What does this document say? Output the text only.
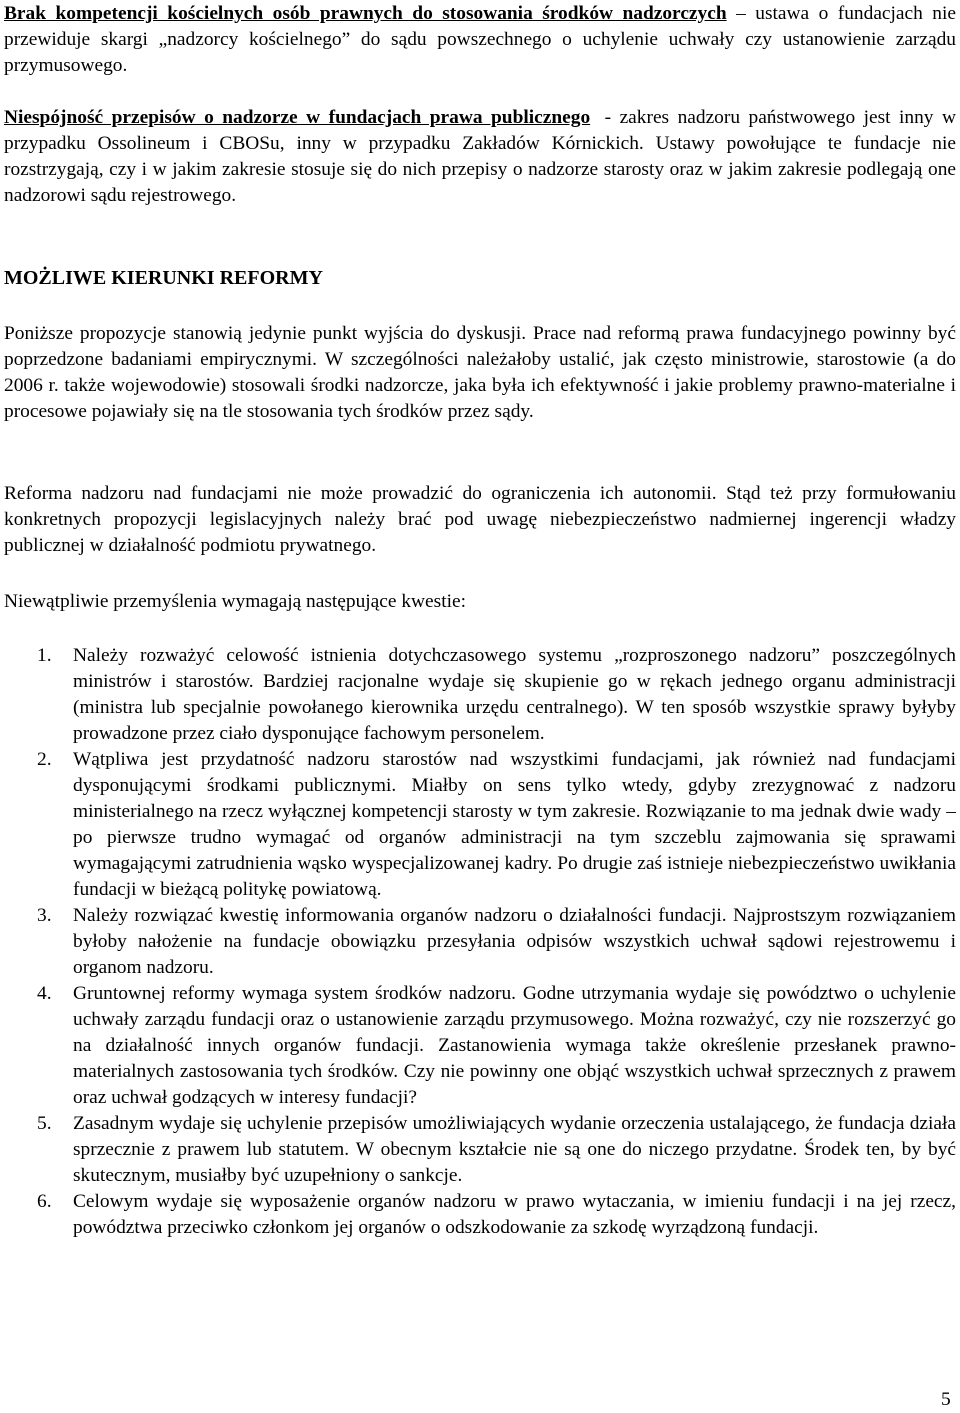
Brak kompetencji kościelnych osób prawnych do stosowania środków nadzorczych – ustawa o fundacjach nie przewiduje skargi „nadzorcy kościelnego” do sądu powszechnego o uchylenie uchwały czy ustanowienie zarządu przymusowego.

Niespójność przepisów o nadzorze w fundacjach prawa publicznego - zakres nadzoru państwowego jest inny w przypadku Ossolineum i CBOSu, inny w przypadku Zakładów Kórnickich. Ustawy powołujące te fundacje nie rozstrzygają, czy i w jakim zakresie stosuje się do nich przepisy o nadzorze starosty oraz w jakim zakresie podlegają one nadzorowi sądu rejestrowego.

MOŻLIWE KIERUNKI REFORMY

Poniższe propozycje stanowią jedynie punkt wyjścia do dyskusji. Prace nad reformą prawa fundacyjnego powinny być poprzedzone badaniami empirycznymi. W szczególności należałoby ustalić, jak często ministrowie, starostowie (a do 2006 r. także wojewodowie) stosowali środki nadzorcze, jaka była ich efektywność i jakie problemy prawno-materialne i procesowe pojawiały się na tle stosowania tych środków przez sądy.

Reforma nadzoru nad fundacjami nie może prowadzić do ograniczenia ich autonomii. Stąd też przy formułowaniu konkretnych propozycji legislacyjnych należy brać pod uwagę niebezpieczeństwo nadmiernej ingerencji władzy publicznej w działalność podmiotu prywatnego.

Niewątpliwie przemyślenia wymagają następujące kwestie:

1. Należy rozważyć celowość istnienia dotychczasowego systemu „rozproszonego nadzoru” poszczególnych ministrów i starostów. Bardziej racjonalne wydaje się skupienie go w rękach jednego organu administracji (ministra lub specjalnie powołanego kierownika urzędu centralnego). W ten sposób wszystkie sprawy byłyby prowadzone przez ciało dysponujące fachowym personelem.
2. Wątpliwa jest przydatność nadzoru starostów nad wszystkimi fundacjami, jak również nad fundacjami dysponującymi środkami publicznymi. Miałby on sens tylko wtedy, gdyby zrezygnować z nadzoru ministerialnego na rzecz wyłącznej kompetencji starosty w tym zakresie. Rozwiązanie to ma jednak dwie wady – po pierwsze trudno wymagać od organów administracji na tym szczeblu zajmowania się sprawami wymagającymi zatrudnienia wąsko wyspecjalizowanej kadry. Po drugie zaś istnieje niebezpieczeństwo uwikłania fundacji w bieżącą politykę powiatową.
3. Należy rozwiązać kwestię informowania organów nadzoru o działalności fundacji. Najprostszym rozwiązaniem byłoby nałożenie na fundacje obowiązku przesyłania odpisów wszystkich uchwał sądowi rejestrowemu i organom nadzoru.
4. Gruntownej reformy wymaga system środków nadzoru. Godne utrzymania wydaje się powództwo o uchylenie uchwały zarządu fundacji oraz o ustanowienie zarządu przymusowego. Można rozważyć, czy nie rozszerzyć go na działalność innych organów fundacji. Zastanowienia wymaga także określenie przesłanek prawno-materialnych zastosowania tych środków. Czy nie powinny one objąć wszystkich uchwał sprzecznych z prawem oraz uchwał godzących w interesy fundacji?
5. Zasadnym wydaje się uchylenie przepisów umożliwiających wydanie orzeczenia ustalającego, że fundacja działa sprzecznie z prawem lub statutem. W obecnym kształcie nie są one do niczego przydatne. Środek ten, by być skutecznym, musiałby być uzupełniony o sankcje.
6. Celowym wydaje się wyposażenie organów nadzoru w prawo wytaczania, w imieniu fundacji i na jej rzecz, powództwa przeciwko członkom jej organów o odszkodowanie za szkodę wyrządzoną fundacji.
5
